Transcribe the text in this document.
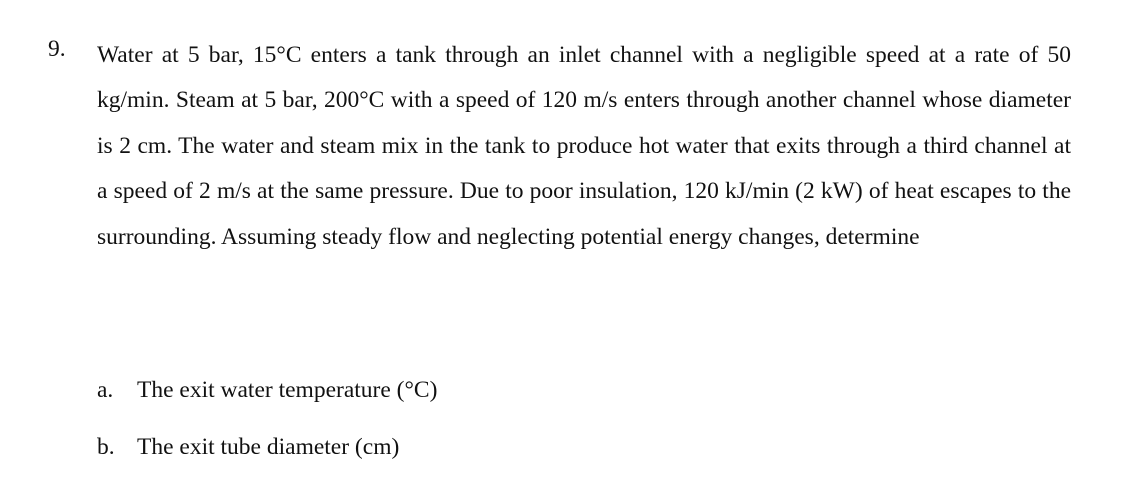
9. Water at 5 bar, 15°C enters a tank through an inlet channel with a negligible speed at a rate of 50 kg/min. Steam at 5 bar, 200°C with a speed of 120 m/s enters through another channel whose diameter is 2 cm. The water and steam mix in the tank to produce hot water that exits through a third channel at a speed of 2 m/s at the same pressure. Due to poor insulation, 120 kJ/min (2 kW) of heat escapes to the surrounding. Assuming steady flow and neglecting potential energy changes, determine
a. The exit water temperature (°C)
b. The exit tube diameter (cm)
